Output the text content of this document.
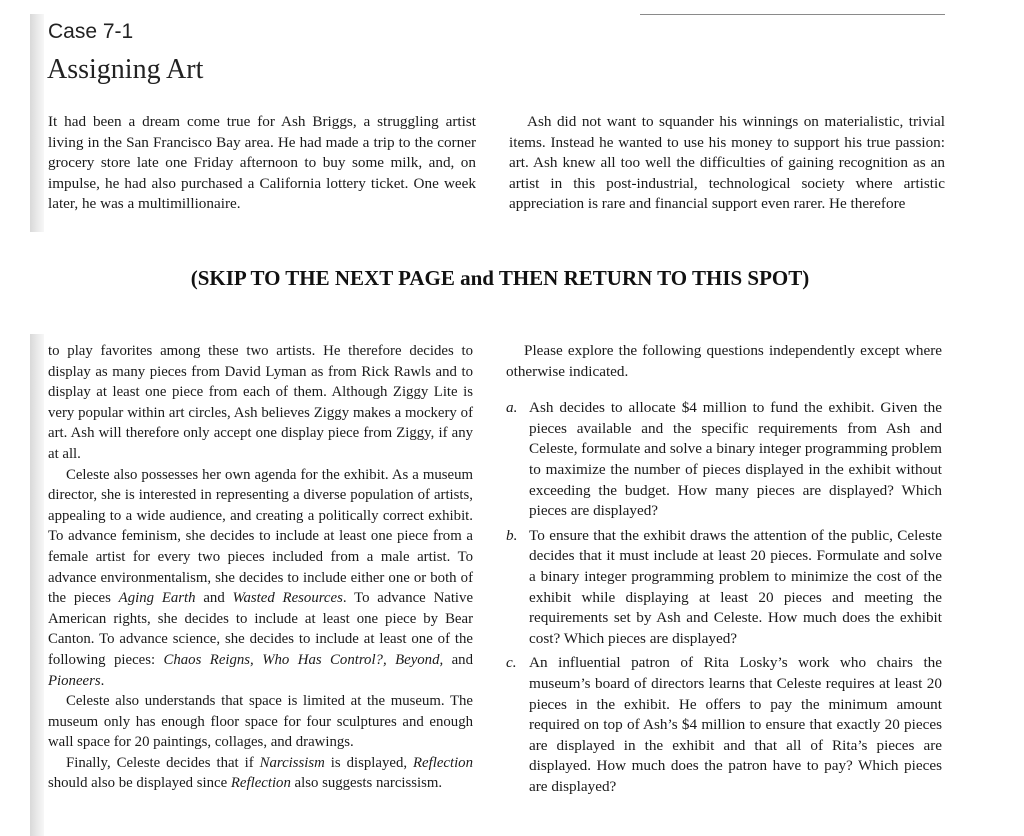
Case 7-1
Assigning Art

It had been a dream come true for Ash Briggs, a struggling artist living in the San Francisco Bay area. He had made a trip to the corner grocery store late one Friday afternoon to buy some milk, and, on impulse, he had also purchased a California lottery ticket. One week later, he was a multimillionaire.

Ash did not want to squander his winnings on materialistic, trivial items. Instead he wanted to use his money to support his true passion: art. Ash knew all too well the difficulties of gaining recognition as an artist in this post-industrial, technological society where artistic appreciation is rare and financial support even rarer. He therefore

(SKIP TO THE NEXT PAGE and THEN RETURN TO THIS SPOT)

to play favorites among these two artists. He therefore decides to display as many pieces from David Lyman as from Rick Rawls and to display at least one piece from each of them. Although Ziggy Lite is very popular within art circles, Ash believes Ziggy makes a mockery of art. Ash will therefore only accept one display piece from Ziggy, if any at all.

Celeste also possesses her own agenda for the exhibit. As a museum director, she is interested in representing a diverse population of artists, appealing to a wide audience, and creating a politically correct exhibit. To advance feminism, she decides to include at least one piece from a female artist for every two pieces included from a male artist. To advance environmentalism, she decides to include either one or both of the pieces Aging Earth and Wasted Resources. To advance Native American rights, she decides to include at least one piece by Bear Canton. To advance science, she decides to include at least one of the following pieces: Chaos Reigns, Who Has Control?, Beyond, and Pioneers.

Celeste also understands that space is limited at the museum. The museum only has enough floor space for four sculptures and enough wall space for 20 paintings, collages, and drawings.

Finally, Celeste decides that if Narcissism is displayed, Reflection should also be displayed since Reflection also suggests narcissism.

Please explore the following questions independently except where otherwise indicated.

a. Ash decides to allocate $4 million to fund the exhibit. Given the pieces available and the specific requirements from Ash and Celeste, formulate and solve a binary integer programming problem to maximize the number of pieces displayed in the exhibit without exceeding the budget. How many pieces are displayed? Which pieces are displayed?
b. To ensure that the exhibit draws the attention of the public, Celeste decides that it must include at least 20 pieces. Formulate and solve a binary integer programming problem to minimize the cost of the exhibit while displaying at least 20 pieces and meeting the requirements set by Ash and Celeste. How much does the exhibit cost? Which pieces are displayed?
c. An influential patron of Rita Losky’s work who chairs the museum’s board of directors learns that Celeste requires at least 20 pieces in the exhibit. He offers to pay the minimum amount required on top of Ash’s $4 million to ensure that exactly 20 pieces are displayed in the exhibit and that all of Rita’s pieces are displayed. How much does the patron have to pay? Which pieces are displayed?
